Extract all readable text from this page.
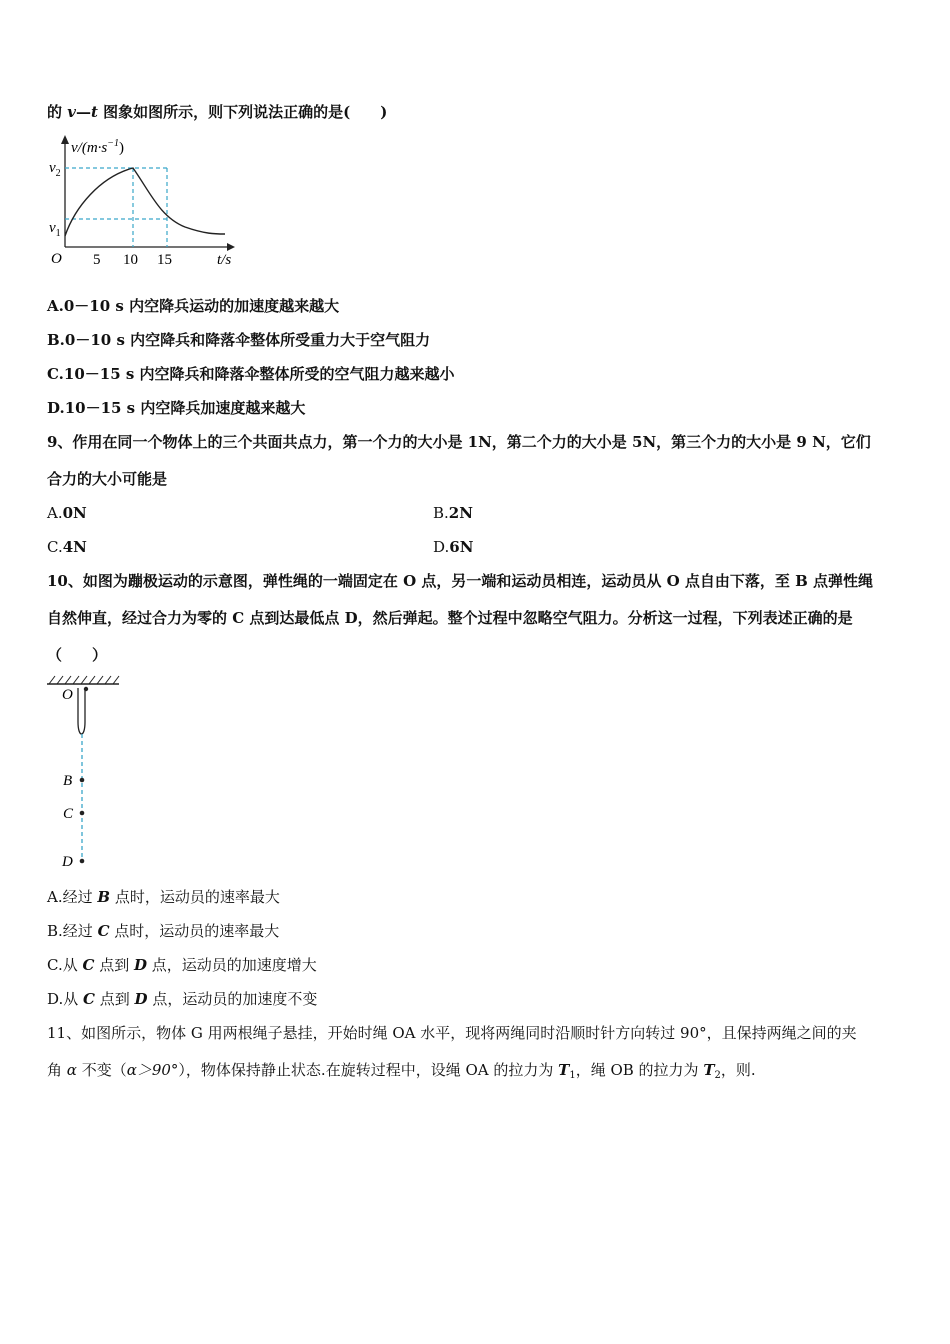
的 v—t 图象如图所示，则下列说法正确的是(　　)
$v/(m\cdot s^{-1})$
$v_2$
$v_1$
O 5 10 15	t/s
A.0－10 s 内空降兵运动的加速度越来越大
B.0－10 s 内空降兵和降落伞整体所受重力大于空气阻力
C.10－15 s 内空降兵和降落伞整体所受的空气阻力越来越小
D.10－15 s 内空降兵加速度越来越大
9、作用在同一个物体上的三个共面共点力，第一个力的大小是 1N，第二个力的大小是 5N，第三个力的大小是 9 N，它们
合力的大小可能是
A.0N	B.2N
C.4N	D.6N
10、如图为蹦极运动的示意图，弹性绳的一端固定在 O 点，另一端和运动员相连，运动员从 O 点自由下落，至 B 点弹性绳
自然伸直，经过合力为零的 C 点到达最低点 D，然后弹起。整个过程中忽略空气阻力。分析这一过程，下列表述正确的是
（　　）
O
B
C
D
A.经过 B 点时，运动员的速率最大
B.经过 C 点时，运动员的速率最大
C.从 C 点到 D 点，运动员的加速度增大
D.从 C 点到 D 点，运动员的加速度不变
11、如图所示，物体 G 用两根绳子悬挂，开始时绳 OA 水平，现将两绳同时沿顺时针方向转过 90°，且保持两绳之间的夹
角 α 不变（α＞90°），物体保持静止状态.在旋转过程中，设绳 OA 的拉力为 $T_1$，绳 OB 的拉力为 $T_2$，则.
